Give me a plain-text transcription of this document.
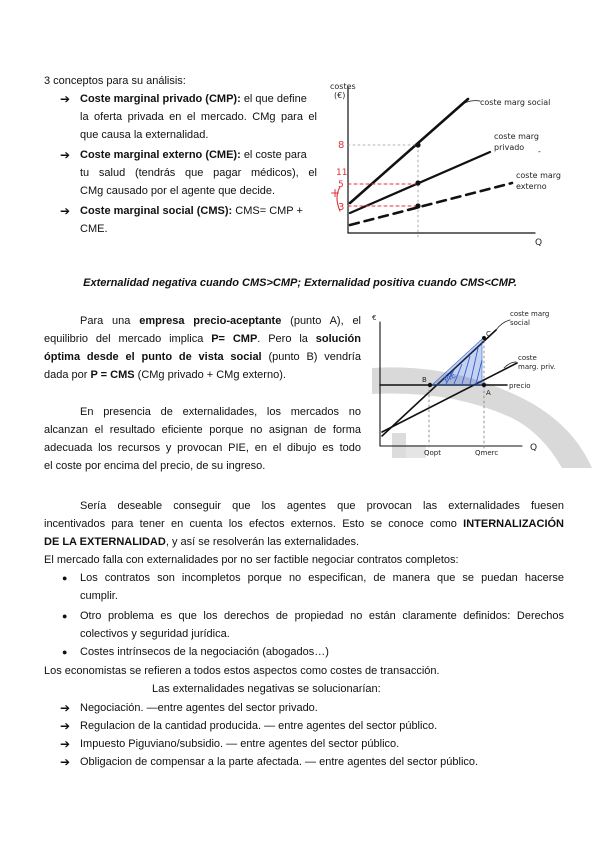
3 conceptos para su análisis:

➔ Coste marginal privado (CMP): el que define

la oferta privada en el mercado. CMg para el

que causa la externalidad.

➔ Coste marginal externo (CME): el coste para

tu salud (tendrás que pagar médicos), el

CMg causado por el agente que decide.

➔ Coste marginal social (CMS): CMS= CMP +

CME.

costes
(€)
Q
coste marg social
coste marg
privado -
coste marg
externo
8
11
5
3
+

Externalidad negativa cuando CMS>CMP; Externalidad positiva cuando CMS<CMP.

Para una empresa precio-aceptante (punto A), el

equilibrio del mercado implica P= CMP. Pero la solución

óptima desde el punto de vista social (punto B) vendría

dada por P = CMS (CMg privado + CMg externo).

En presencia de externalidades, los mercados no

alcanzan el resultado eficiente porque no asignan de forma

adecuada los recursos y provocan PIE, en el dibujo es todo

el coste por encima del precio, de su ingreso.

€	coste marg
social
coste
marg. priv.
precio
B
A
C
PIE
Qopt	Qmerc	Q

Sería deseable conseguir que los agentes que provocan las externalidades fuesen

incentivados para tener en cuenta los efectos externos. Esto se conoce como INTERNALIZACIÓN

DE LA EXTERNALIDAD, y así se resolverán las externalidades.

El mercado falla con externalidades por no ser factible negociar contratos completos:

● Los contratos son incompletos porque no especifican, de manera que se puedan hacerse

cumplir.

● Otro problema es que los derechos de propiedad no están claramente definidos: Derechos

colectivos y seguridad jurídica.

● Costes intrínsecos de la negociación (abogados…)

Los economistas se refieren a todos estos aspectos como costes de transacción.

Las externalidades negativas se solucionarían:

➔ Negociación. —entre agentes del sector privado.

➔ Regulacion de la cantidad producida. — entre agentes del sector público.

➔ Impuesto Piguviano/subsidio. — entre agentes del sector público.

➔ Obligacion de compensar a la parte afectada. — entre agentes del sector público.
